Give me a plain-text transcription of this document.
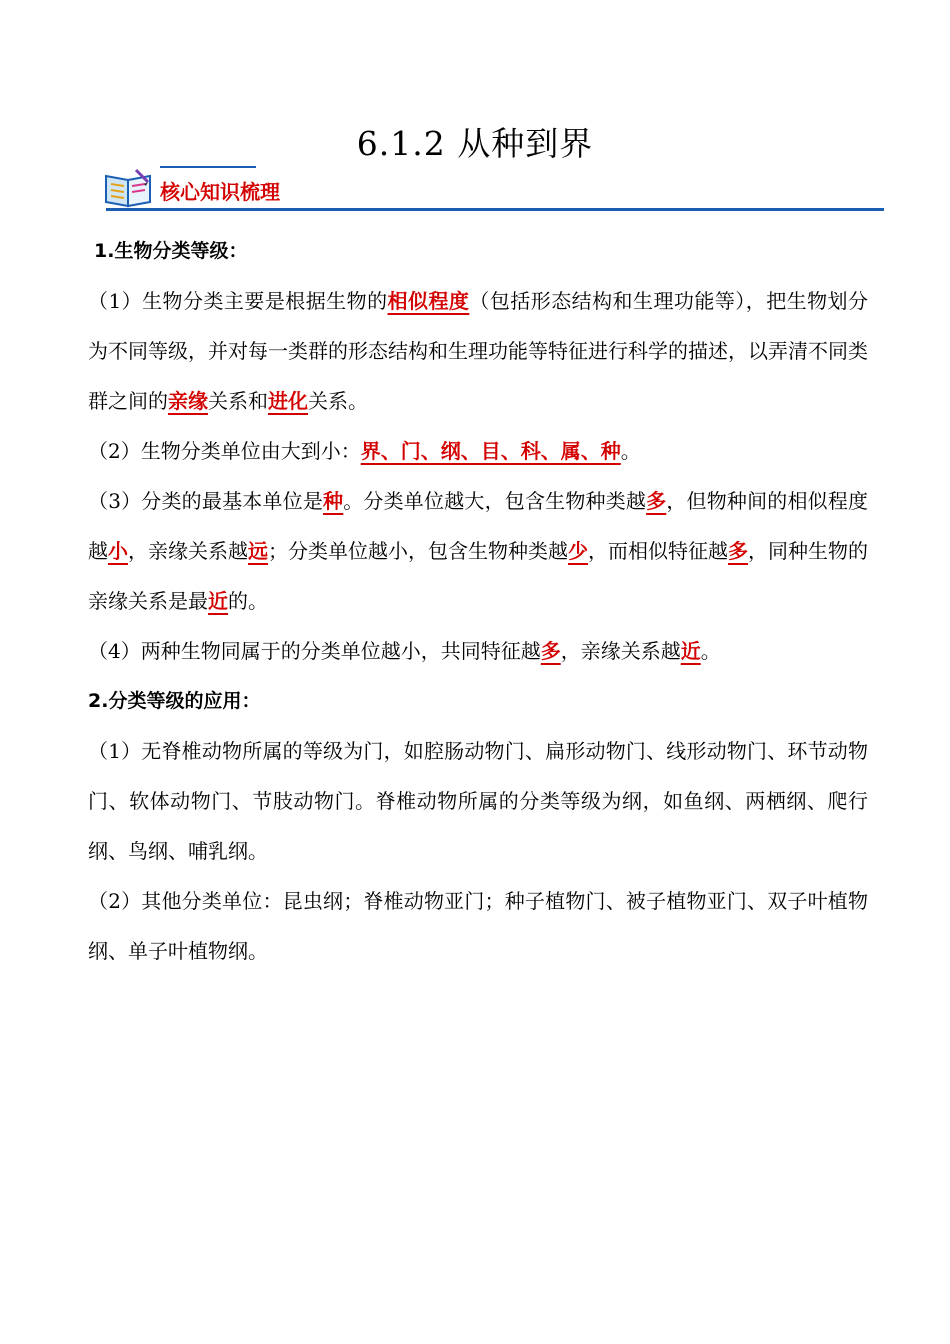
6.1.2 从种到界
核心知识梳理

1.生物分类等级：

（1）生物分类主要是根据生物的相似程度（包括形态结构和生理功能等），把生物划分为不同等级，并对每一类群的形态结构和生理功能等特征进行科学的描述，以弄清不同类群之间的亲缘关系和进化关系。

（2）生物分类单位由大到小：界、门、纲、目、科、属、种。

（3）分类的最基本单位是种。分类单位越大，包含生物种类越多，但物种间的相似程度越小，亲缘关系越远；分类单位越小，包含生物种类越少，而相似特征越多，同种生物的亲缘关系是最近的。

（4）两种生物同属于的分类单位越小，共同特征越多，亲缘关系越近。

2.分类等级的应用：

（1）无脊椎动物所属的等级为门，如腔肠动物门、扁形动物门、线形动物门、环节动物门、软体动物门、节肢动物门。脊椎动物所属的分类等级为纲，如鱼纲、两栖纲、爬行纲、鸟纲、哺乳纲。

（2）其他分类单位：昆虫纲；脊椎动物亚门；种子植物门、被子植物亚门、双子叶植物纲、单子叶植物纲。
